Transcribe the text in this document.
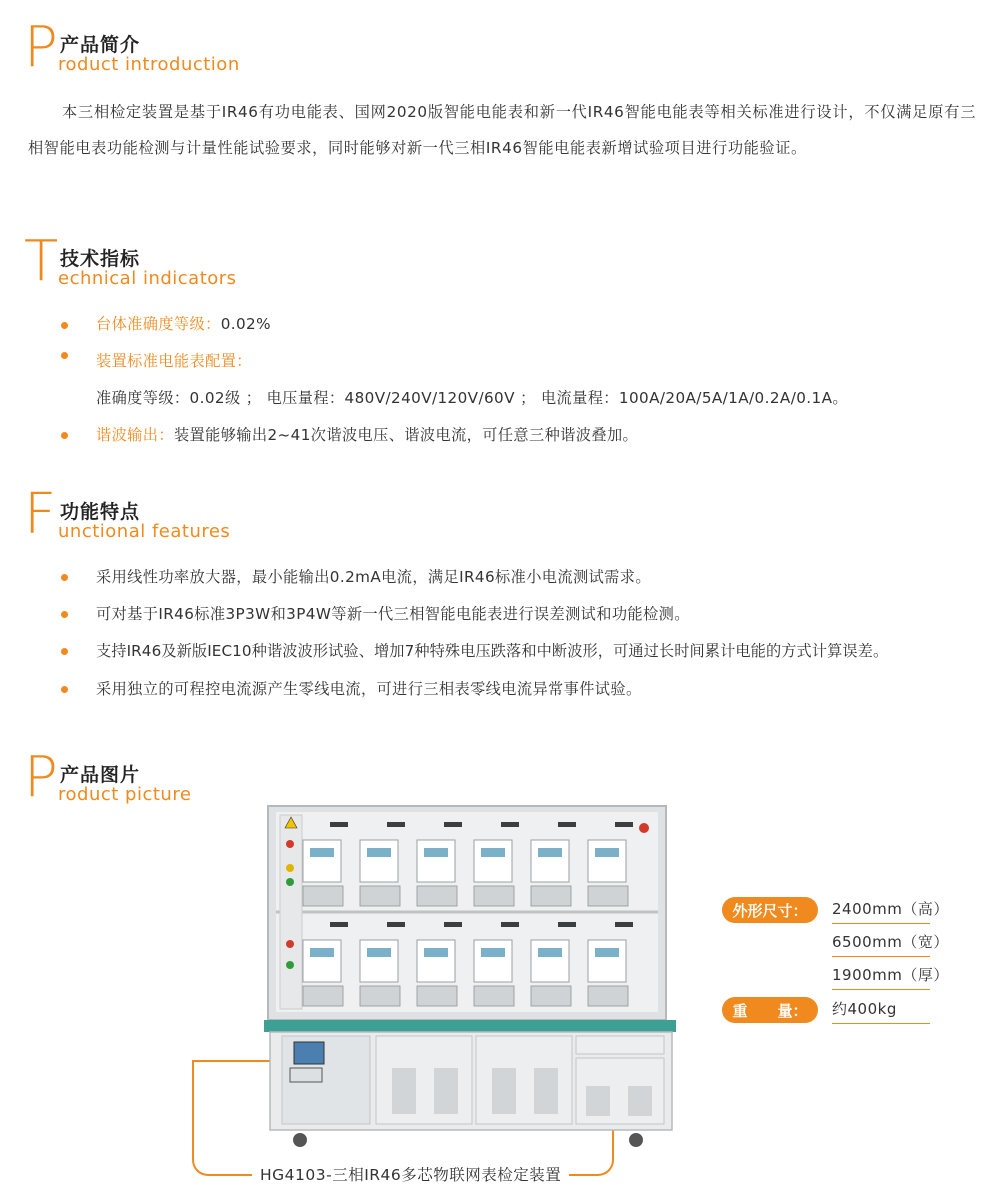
P 产品简介
roduct introduction
本三相检定装置是基于IR46有功电能表、国网2020版智能电能表和新一代IR46智能电能表等相关标准进行设计，不仅满足原有三相智能电表功能检测与计量性能试验要求，同时能够对新一代三相IR46智能电能表新增试验项目进行功能验证。
T 技术指标
echnical indicators
台体准确度等级：0.02%
装置标准电能表配置：
准确度等级：0.02级 ； 电压量程：480V/240V/120V/60V ； 电流量程：100A/20A/5A/1A/0.2A/0.1A。
谐波输出：装置能够输出2~41次谐波电压、谐波电流，可任意三种谐波叠加。
F 功能特点
unctional features
采用线性功率放大器，最小能输出0.2mA电流，满足IR46标准小电流测试需求。
可对基于IR46标准3P3W和3P4W等新一代三相智能电能表进行误差测试和功能检测。
支持IR46及新版IEC10种谐波波形试验、增加7种特殊电压跌落和中断波形，可通过长时间累计电能的方式计算误差。
采用独立的可程控电流源产生零线电流，可进行三相表零线电流异常事件试验。
P 产品图片
roduct picture
外形尺寸：	2400mm（高）
6500mm（宽）
1900mm（厚）
重　　量：	约400kg
HG4103-三相IR46多芯物联网表检定装置
